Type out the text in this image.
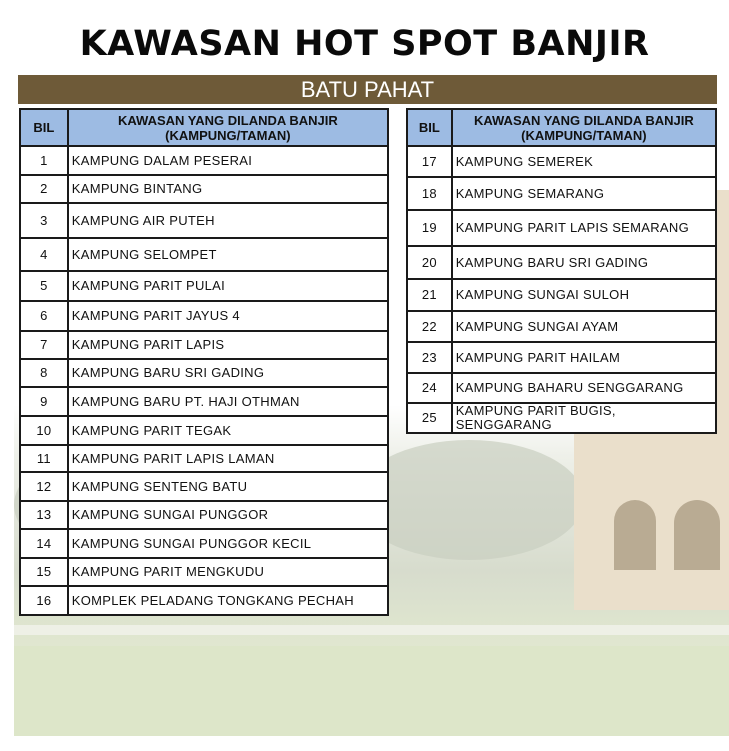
KAWASAN HOT SPOT BANJIR
BATU PAHAT
BIL	KAWASAN YANG DILANDA BANJIR (KAMPUNG/TAMAN)
1	KAMPUNG DALAM PESERAI
2	KAMPUNG BINTANG
3	KAMPUNG AIR PUTEH
4	KAMPUNG SELOMPET
5	KAMPUNG PARIT PULAI
6	KAMPUNG PARIT JAYUS 4
7	KAMPUNG PARIT LAPIS
8	KAMPUNG BARU SRI GADING
9	KAMPUNG BARU PT. HAJI OTHMAN
10	KAMPUNG PARIT TEGAK
11	KAMPUNG PARIT LAPIS LAMAN
12	KAMPUNG SENTENG BATU
13	KAMPUNG SUNGAI PUNGGOR
14	KAMPUNG SUNGAI PUNGGOR KECIL
15	KAMPUNG PARIT MENGKUDU
16	KOMPLEK PELADANG TONGKANG PECHAH
BIL	KAWASAN YANG DILANDA BANJIR (KAMPUNG/TAMAN)
17	KAMPUNG SEMEREK
18	KAMPUNG SEMARANG
19	KAMPUNG PARIT LAPIS SEMARANG
20	KAMPUNG BARU SRI GADING
21	KAMPUNG SUNGAI SULOH
22	KAMPUNG SUNGAI AYAM
23	KAMPUNG PARIT HAILAM
24	KAMPUNG BAHARU SENGGARANG
25	KAMPUNG PARIT BUGIS, SENGGARANG
